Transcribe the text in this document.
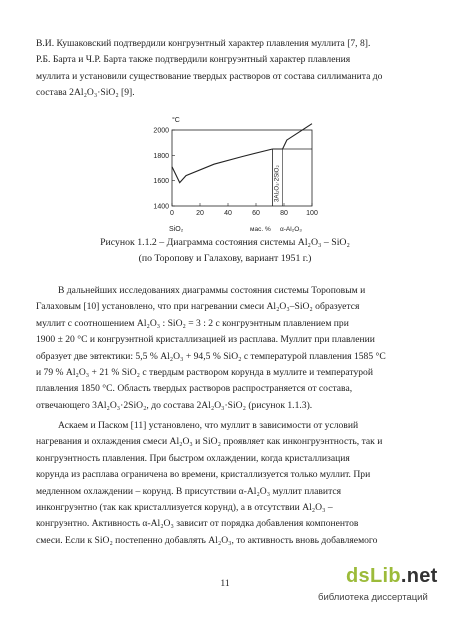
В.И. Кушаковский подтвердили конгруэнтный характер плавления муллита [7, 8].
Р.Б. Барта и Ч.Р. Барта также подтвердили конгруэнтный характер плавления
муллита и установили существование твердых растворов от состава силлиманита до
состава 2Al₂O₃·SiO₂ [9].

°C
2000
1800
1600
1400
0	20	40	60	80	100
3Al₂O₃·2SiO₂
SiO₂	мас. % α-Al₂O₃
Рисунок 1.1.2 – Диаграмма состояния системы Al₂O₃ – SiO₂
(по Торопову и Галахову, вариант 1951 г.)

В дальнейших исследованиях диаграммы состояния системы Тороповым и
Галаховым [10] установлено, что при нагревании смеси Al₂O₃–SiO₂ образуется
муллит с соотношением Al₂O₃ : SiO₂ = 3 : 2 с конгруэнтным плавлением при
1900 ± 20 °С и конгруэнтной кристаллизацией из расплава. Муллит при плавлении
образует две эвтектики: 5,5 % Al₂O₃ + 94,5 % SiO₂ с температурой плавления 1585 °С
и 79 % Al₂O₃ + 21 % SiO₂ с твердым раствором корунда в муллите и температурой
плавления 1850 °С. Область твердых растворов распространяется от состава,
отвечающего 3Al₂O₃·2SiO₂, до состава 2Al₂O₃·SiO₂ (рисунок 1.1.3).

Аскаем и Паском [11] установлено, что муллит в зависимости от условий
нагревания и охлаждения смеси Al₂O₃ и SiO₂ проявляет как инконгруэнтность, так и
конгруэнтность плавления. При быстром охлаждении, когда кристаллизация
корунда из расплава ограничена во времени, кристаллизуется только муллит. При
медленном охлаждении – корунд. В присутствии α-Al₂O₃ муллит плавится
инконгруэнтно (так как кристаллизуется корунд), а в отсутствии Al₂O₃ –
конгруэнтно. Активность α-Al₂O₃ зависит от порядка добавления компонентов
смеси. Если к SiO₂ постепенно добавлять Al₂O₃, то активность вновь добавляемого

11	dsLib.net
библиотека диссертаций
